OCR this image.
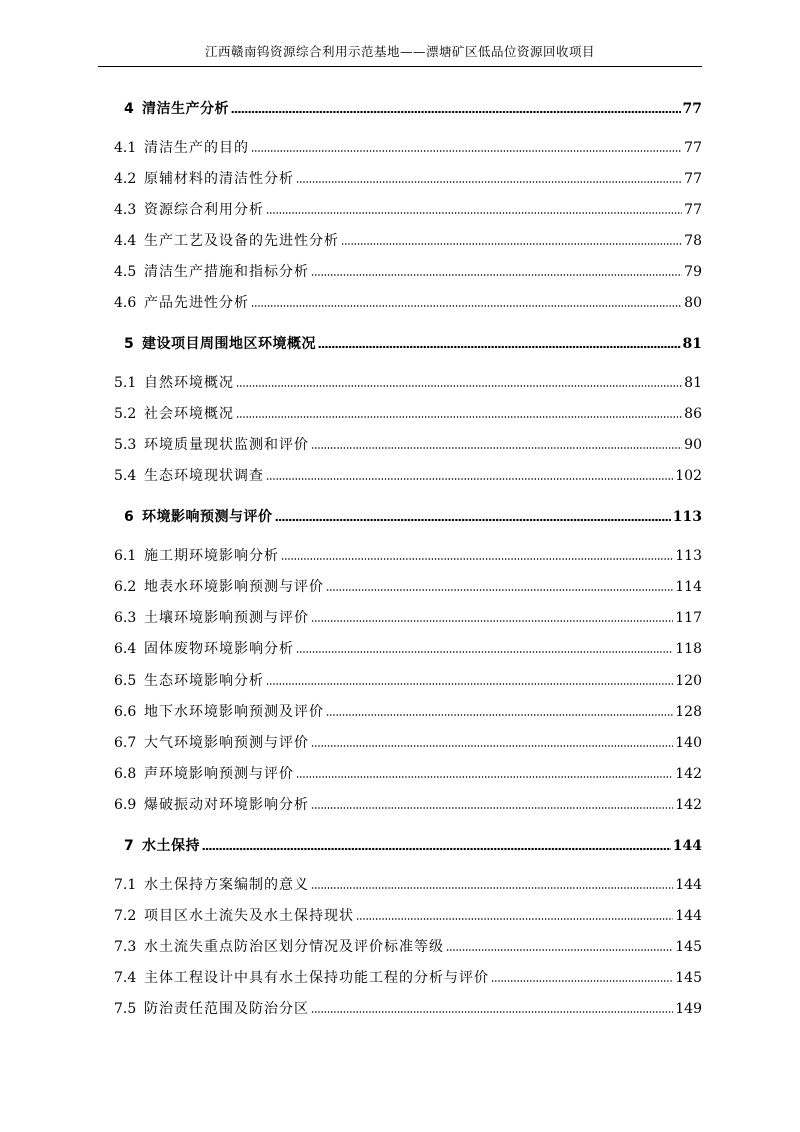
江西赣南钨资源综合利用示范基地——漂塘矿区低品位资源回收项目
4 清洁生产分析	77
4.1 清洁生产的目的	77
4.2 原辅材料的清洁性分析	77
4.3 资源综合利用分析	77
4.4 生产工艺及设备的先进性分析	78
4.5 清洁生产措施和指标分析	79
4.6 产品先进性分析	80
5 建设项目周围地区环境概况	81
5.1 自然环境概况	81
5.2 社会环境概况	86
5.3 环境质量现状监测和评价	90
5.4 生态环境现状调查	102
6 环境影响预测与评价	113
6.1 施工期环境影响分析	113
6.2 地表水环境影响预测与评价	114
6.3 土壤环境影响预测与评价	117
6.4 固体废物环境影响分析	118
6.5 生态环境影响分析	120
6.6 地下水环境影响预测及评价	128
6.7 大气环境影响预测与评价	140
6.8 声环境影响预测与评价	142
6.9 爆破振动对环境影响分析	142
7 水土保持	144
7.1 水土保持方案编制的意义	144
7.2 项目区水土流失及水土保持现状	144
7.3 水土流失重点防治区划分情况及评价标准等级	145
7.4 主体工程设计中具有水土保持功能工程的分析与评价	145
7.5 防治责任范围及防治分区	149
